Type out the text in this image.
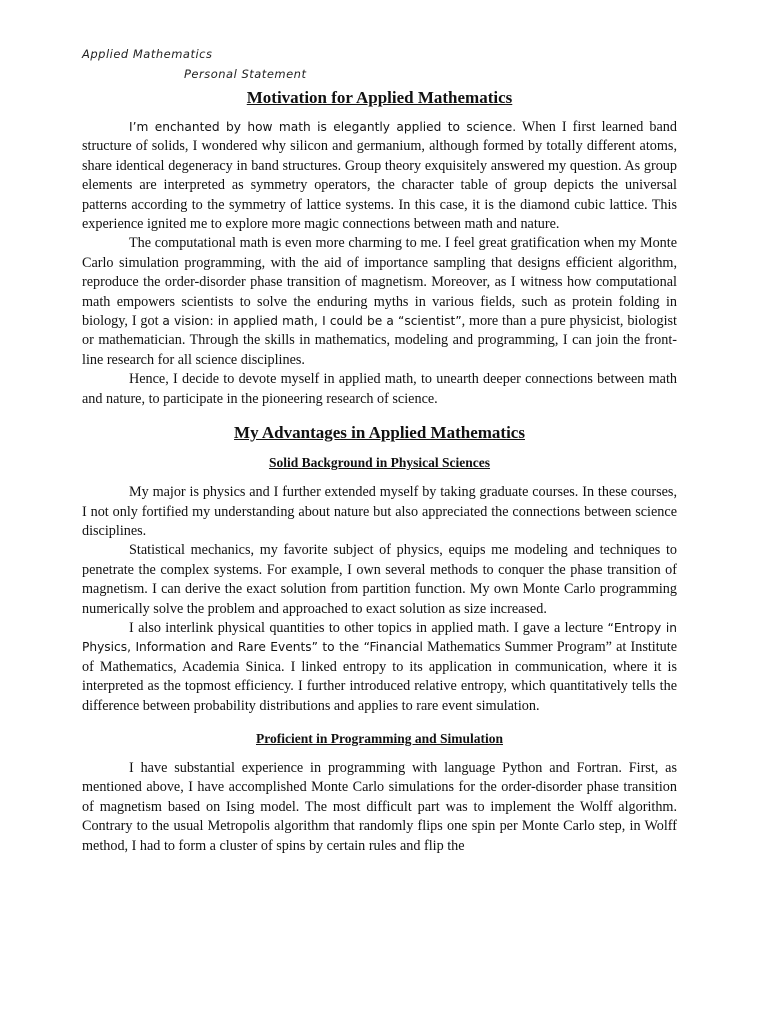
Applied Mathematics
Personal Statement
Motivation for Applied Mathematics

I’m enchanted by how math is elegantly applied to science. When I first learned band structure of solids, I wondered why silicon and germanium, although formed by totally different atoms, share identical degeneracy in band structures. Group theory exquisitely answered my question. As group elements are interpreted as symmetry operators, the character table of group depicts the universal patterns according to the symmetry of lattice systems. In this case, it is the diamond cubic lattice. This experience ignited me to explore more magic connections between math and nature.

The computational math is even more charming to me. I feel great gratification when my Monte Carlo simulation programming, with the aid of importance sampling that designs efficient algorithm, reproduce the order-disorder phase transition of magnetism. Moreover, as I witness how computational math empowers scientists to solve the enduring myths in various fields, such as protein folding in biology, I got a vision: in applied math, I could be a “scientist”, more than a pure physicist, biologist or mathematician. Through the skills in mathematics, modeling and programming, I can join the front-line research for all science disciplines.

Hence, I decide to devote myself in applied math, to unearth deeper connections between math and nature, to participate in the pioneering research of science.

My Advantages in Applied Mathematics
Solid Background in Physical Sciences

My major is physics and I further extended myself by taking graduate courses. In these courses, I not only fortified my understanding about nature but also appreciated the connections between science disciplines.

Statistical mechanics, my favorite subject of physics, equips me modeling and techniques to penetrate the complex systems. For example, I own several methods to conquer the phase transition of magnetism. I can derive the exact solution from partition function. My own Monte Carlo programming numerically solve the problem and approached to exact solution as size increased.

I also interlink physical quantities to other topics in applied math. I gave a lecture “Entropy in Physics, Information and Rare Events” to the “Financial Mathematics Summer Program” at Institute of Mathematics, Academia Sinica. I linked entropy to its application in communication, where it is interpreted as the topmost efficiency. I further introduced relative entropy, which quantitatively tells the difference between probability distributions and applies to rare event simulation.

Proficient in Programming and Simulation

I have substantial experience in programming with language Python and Fortran. First, as mentioned above, I have accomplished Monte Carlo simulations for the order-disorder phase transition of magnetism based on Ising model. The most difficult part was to implement the Wolff algorithm. Contrary to the usual Metropolis algorithm that randomly flips one spin per Monte Carlo step, in Wolff method, I had to form a cluster of spins by certain rules and flip the
